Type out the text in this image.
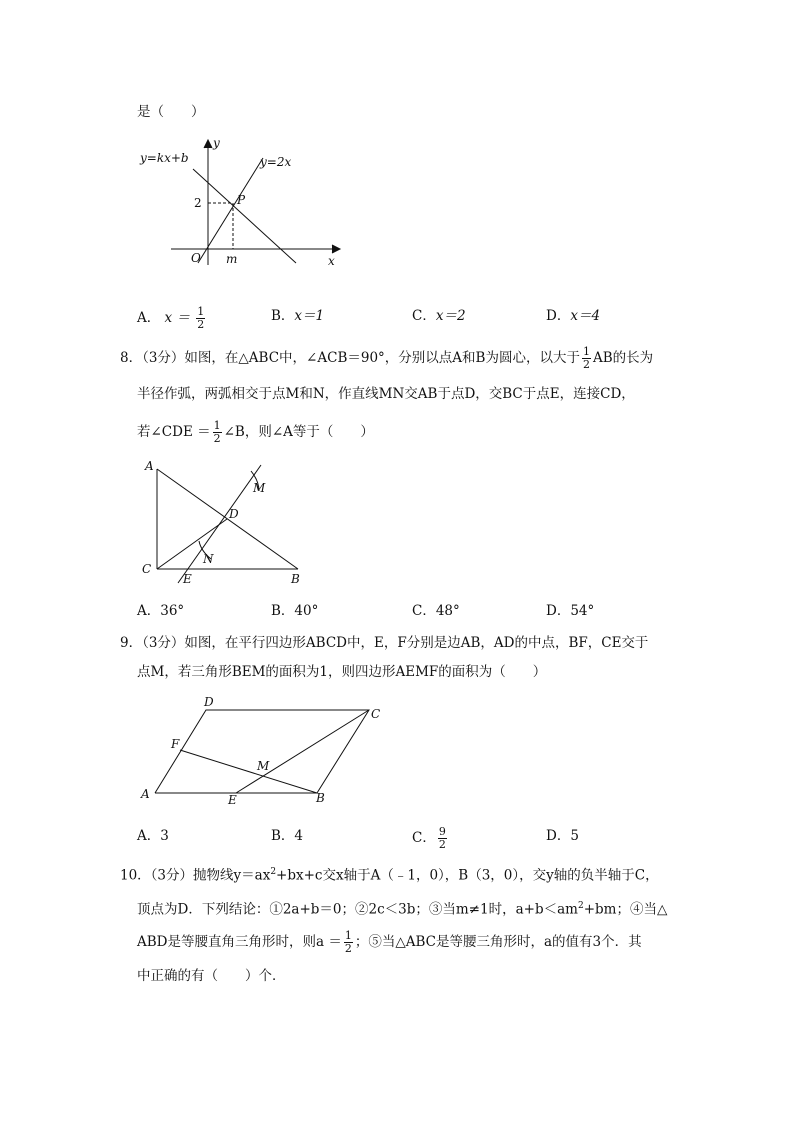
是（　　）
y
x
O
y=kx+b	y=2x
2	P
m
A． $x = \frac{1}{2}$	B．x＝1	C．x＝2	D．x＝4
8．（3分）如图，在△ABC中，∠ACB＝90°，分别以点A和B为圆心，以大于 $\frac{1}{2}$ AB的长为
半径作弧，两弧相交于点M和N，作直线MN交AB于点D，交BC于点E，连接CD，
若∠CDE ＝ $\frac{1}{2}$ ∠B，则∠A等于（　　）
A
B
C
D
E
M
N
A．36°	B．40°	C．48°	D．54°
9．（3分）如图，在平行四边形ABCD中，E，F分别是边AB，AD的中点，BF，CE交于
点M，若三角形BEM的面积为1，则四边形AEMF的面积为（　　）
A	B
C
D
E
F
M
A．3	B．4	C． $\frac{9}{2}$	D．5
10．（3分）抛物线$y=ax^2+bx+c$交x轴于A（﹣1，0），B（3，0），交y轴的负半轴于C，
顶点为D．下列结论：①2a+b＝0；②2c＜3b；③当m≠1时，$a+b<am^2+bm$；④当△
ABD是等腰直角三角形时，则$a = \frac{1}{2}$ ；⑤当△ABC是等腰三角形时，a的值有3个．其
中正确的有（　　）个．
